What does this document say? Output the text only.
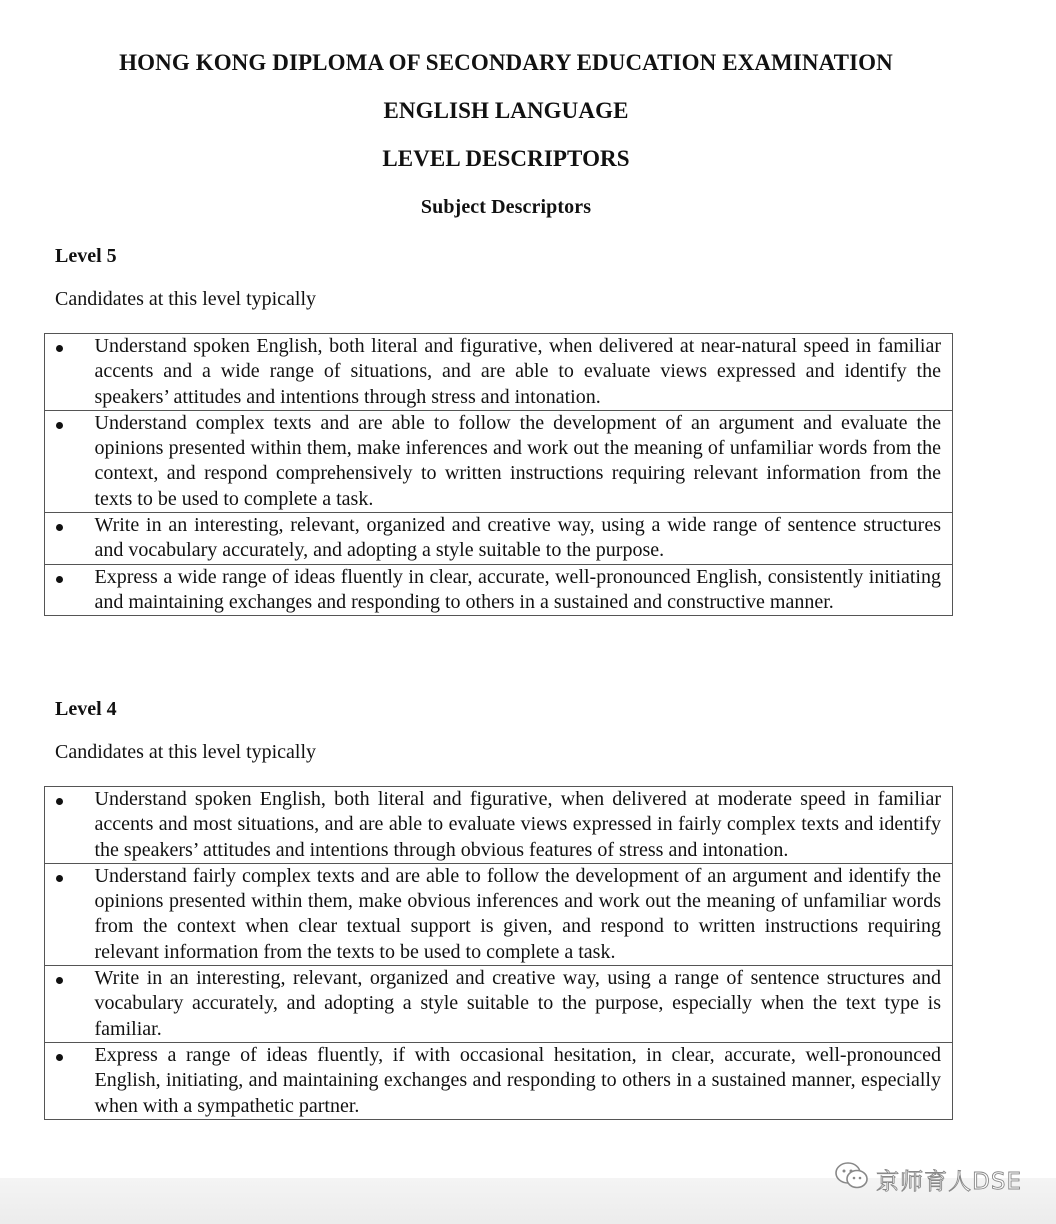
HONG KONG DIPLOMA OF SECONDARY EDUCATION EXAMINATION
ENGLISH LANGUAGE
LEVEL DESCRIPTORS
Subject Descriptors
Level 5
Candidates at this level typically
	Understand spoken English, both literal and figurative, when delivered at near-natural speed in familiar accents and a wide range of situations, and are able to evaluate views expressed and identify the speakers’ attitudes and intentions through stress and intonation.
	Understand complex texts and are able to follow the development of an argument and evaluate the opinions presented within them, make inferences and work out the meaning of unfamiliar words from the context, and respond comprehensively to written instructions requiring relevant information from the texts to be used to complete a task.
	Write in an interesting, relevant, organized and creative way, using a wide range of sentence structures and vocabulary accurately, and adopting a style suitable to the purpose.
	Express a wide range of ideas fluently in clear, accurate, well-pronounced English, consistently initiating and maintaining exchanges and responding to others in a sustained and constructive manner.
Level 4
Candidates at this level typically
	Understand spoken English, both literal and figurative, when delivered at moderate speed in familiar accents and most situations, and are able to evaluate views expressed in fairly complex texts and identify the speakers’ attitudes and intentions through obvious features of stress and intonation.
	Understand fairly complex texts and are able to follow the development of an argument and identify the opinions presented within them, make obvious inferences and work out the meaning of unfamiliar words from the context when clear textual support is given, and respond to written instructions requiring relevant information from the texts to be used to complete a task.
	Write in an interesting, relevant, organized and creative way, using a range of sentence structures and vocabulary accurately, and adopting a style suitable to the purpose, especially when the text type is familiar.
	Express a range of ideas fluently, if with occasional hesitation, in clear, accurate, well-pronounced English, initiating, and maintaining exchanges and responding to others in a sustained manner, especially when with a sympathetic partner.
京师育人DSE
